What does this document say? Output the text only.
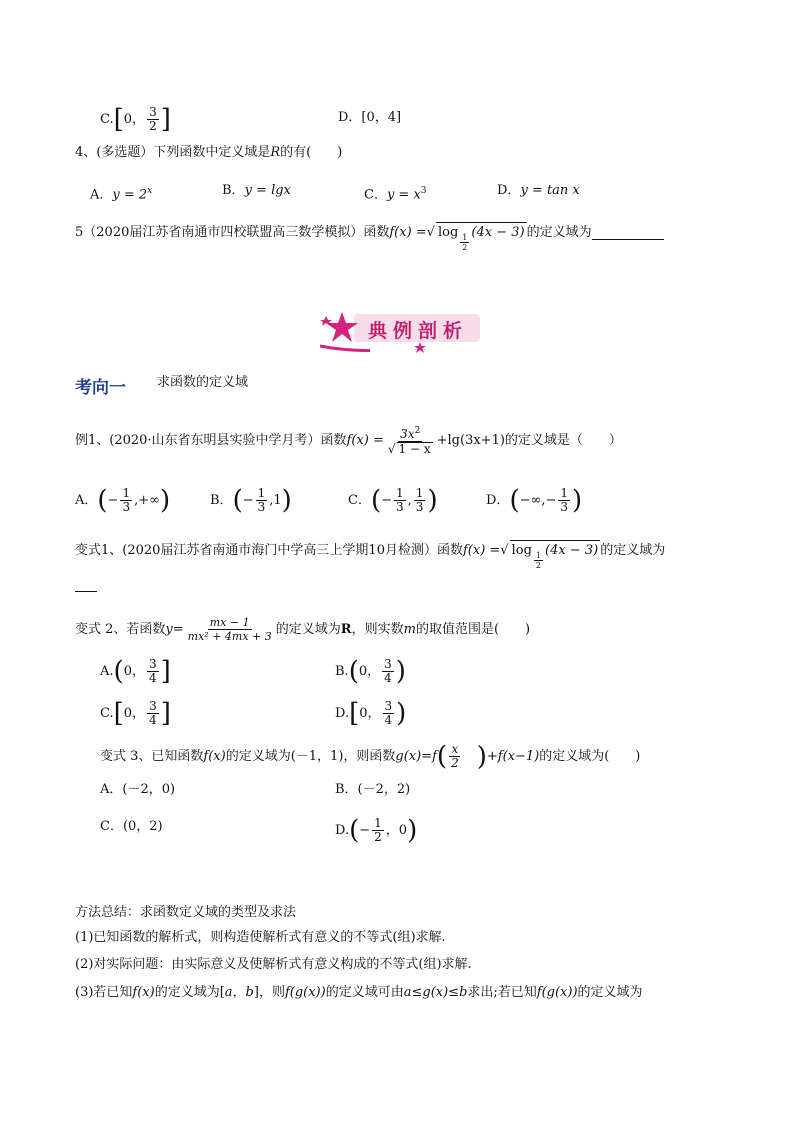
C.[0， $\frac{3}{2}$ ]	D．[0，4]
4、(多选题）下列函数中定义域是R的有(　　)
A．$y = 2^x$	B．y = lgx	C．$y = x^3$	D．y = tan x
5（2020届江苏省南通市四校联盟高三数学模拟）函数f(x) =√ log
$\frac{1}{2}$
(4x − 3) 的定义域为
典例剖析
考向一 求函数的定义域
例1、(2020·山东省东明县实验中学月考）函数$f(x) = \frac{3x^2}{√ 1 - x} +\lg(3x+1)$的定义域是（　　）
A．(− $\frac{1}{3}$ ,+∞)	B．(− $\frac{1}{3} ,1$)	C．(− $\frac{1}{3}$ , $\frac{1}{3}$ )	D．(−∞,− $\frac{1}{3}$ )
变式1、(2020届江苏省南通市海门中学高三上学期10月检测）函数f(x) =√ log
$\frac{1}{2}$
(4x − 3) 的定义域为
变式 2、若函数$y= \frac{mx - 1}{\text{mx² + 4mx + 3}}$ 的定义域为R，则实数m的取值范围是(　　)
A.(0， $\frac{3}{4}$ ]	B.(0， $\frac{3}{4}$ )
C.[0， $\frac{3}{4}$ ]	D.[0， $\frac{3}{4}$ )
变式 3、已知函数f(x)的定义域为(－1，1)，则函数$g(x)=f( \frac{x}{2} )+f(x-1)$的定义域为(　　)
A．(－2，0)	B．(－2，2)
C．(0，2)	$D.(- \frac{1}{2}$ ，0)
方法总结：求函数定义域的类型及求法
(1)已知函数的解析式，则构造使解析式有意义的不等式(组)求解.
(2)对实际问题：由实际意义及使解析式有意义构成的不等式(组)求解.
(3)若已知f(x)的定义域为[a，b]，则f(g(x))的定义域可由a≤g(x)≤b求出;若已知f(g(x))的定义域为
